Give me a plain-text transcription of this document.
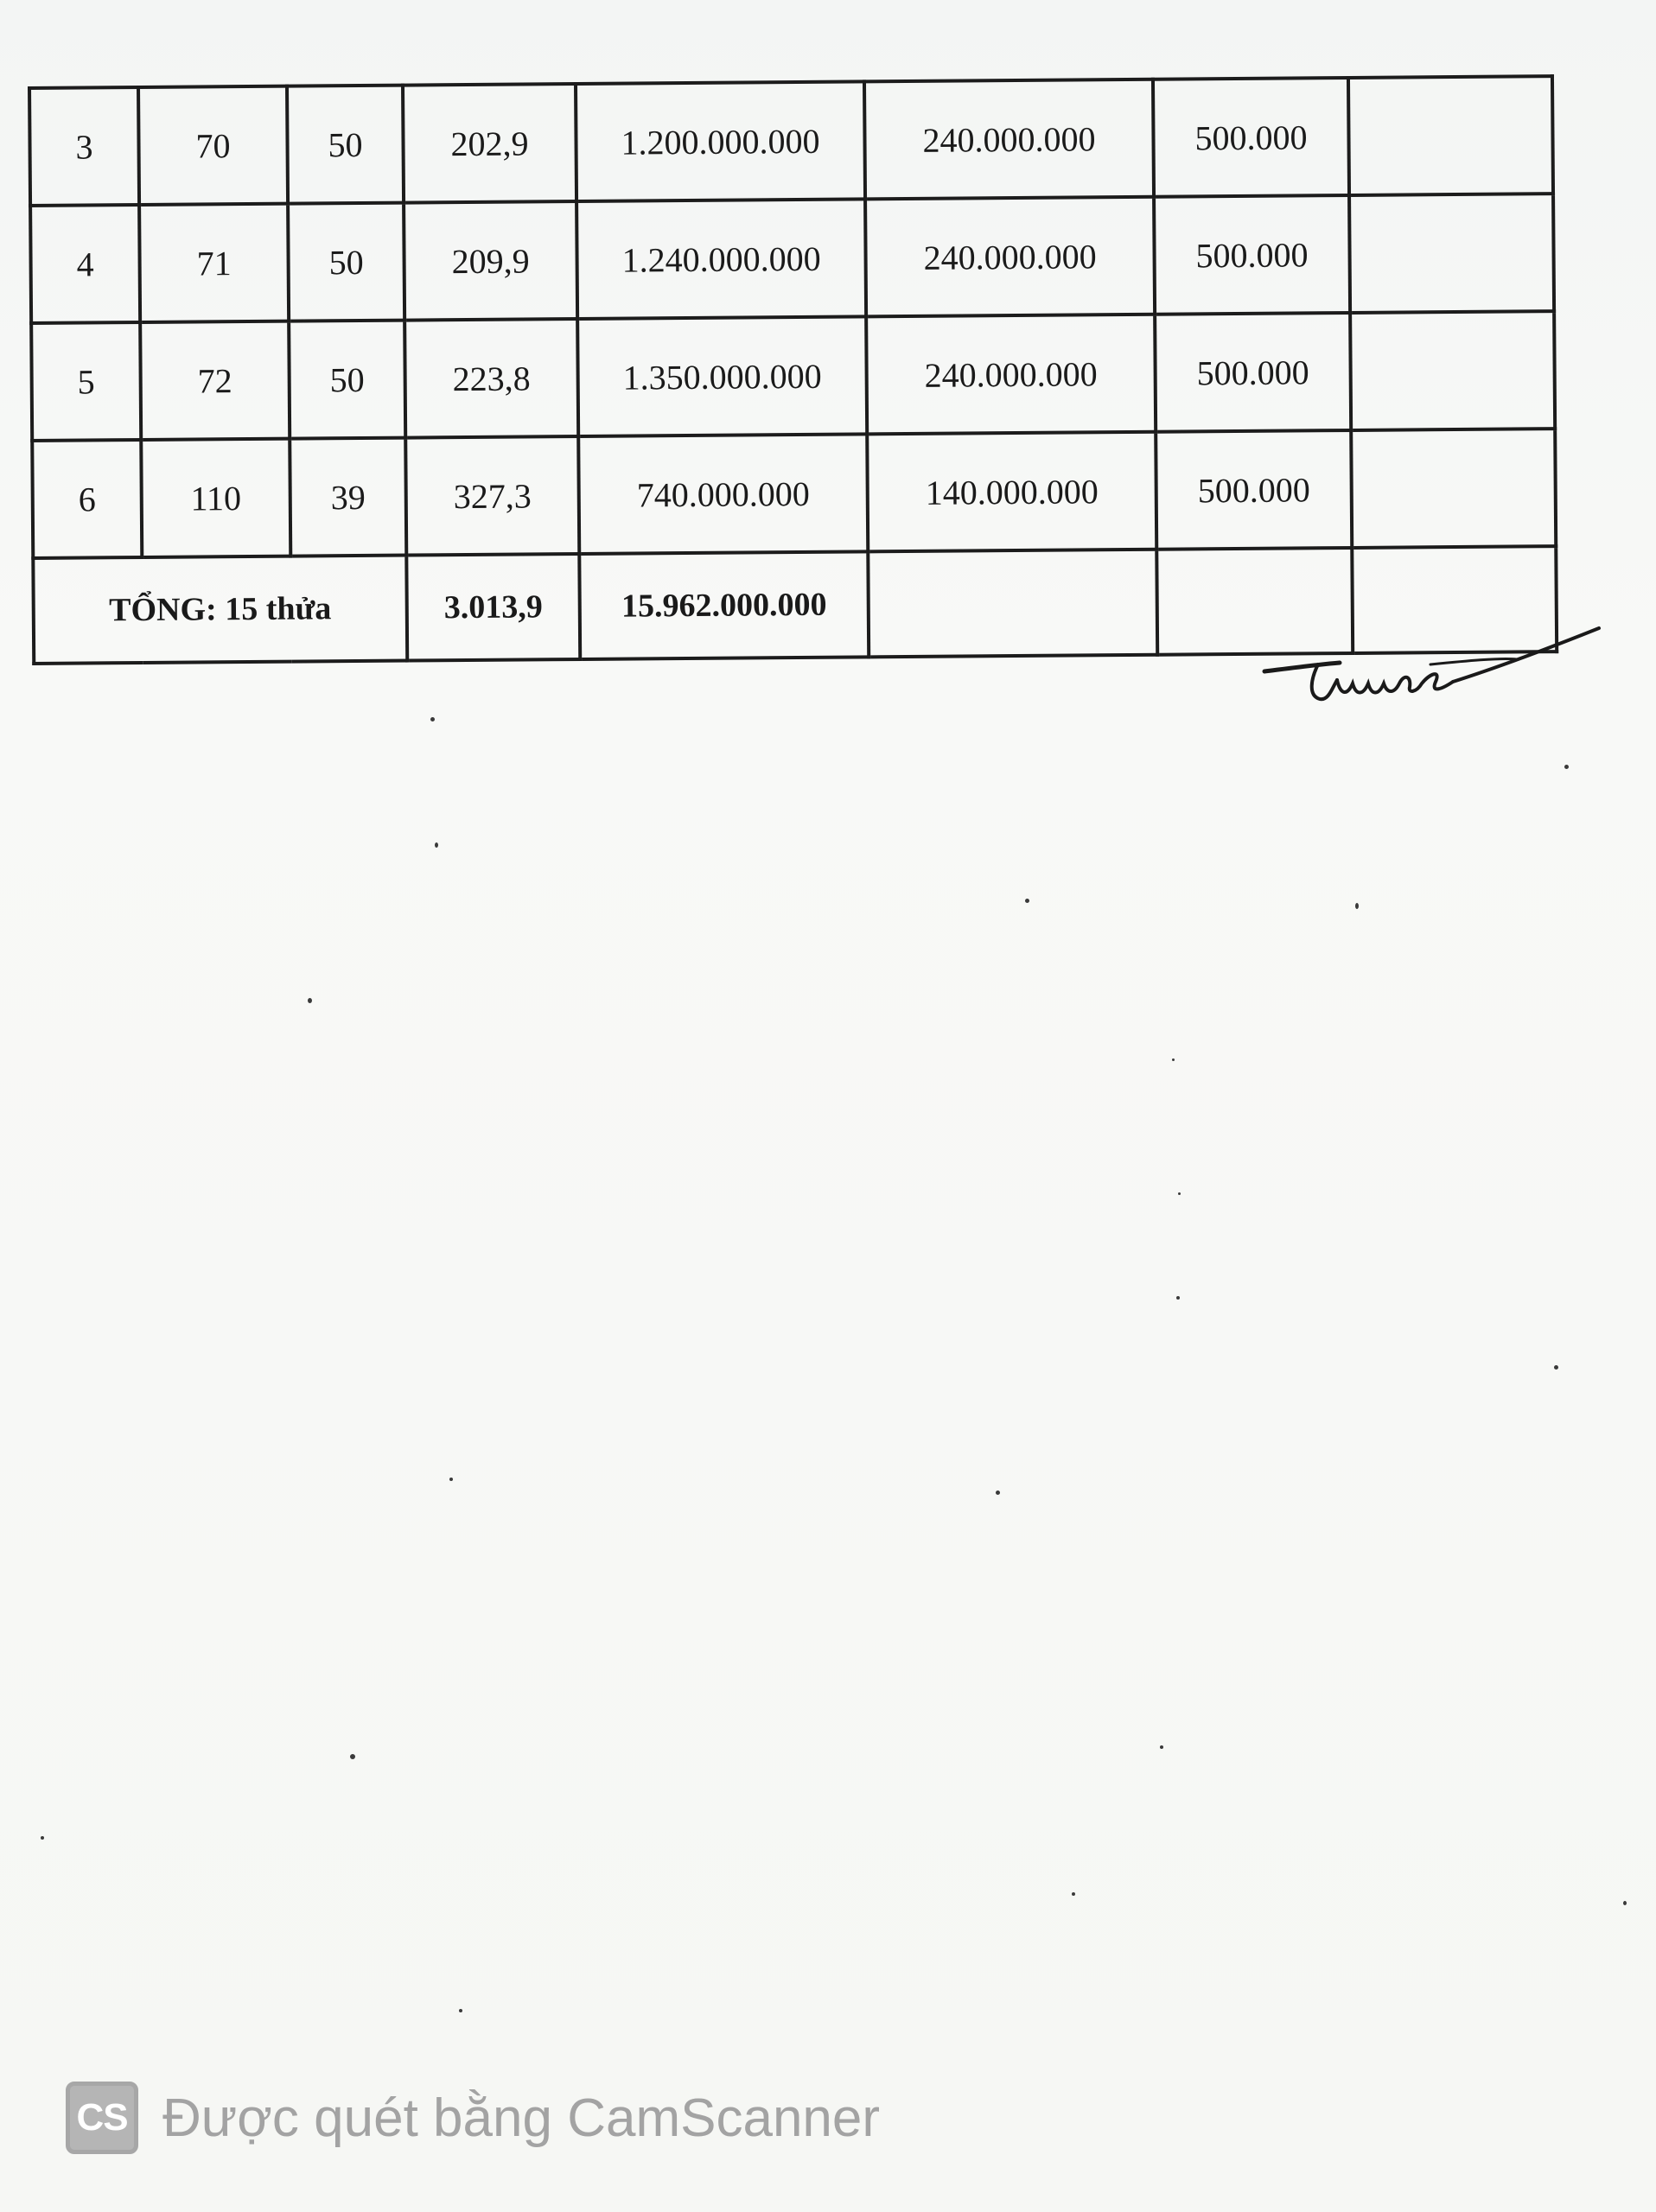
3	70	50	202,9	1.200.000.000	240.000.000	500.000	
4	71	50	209,9	1.240.000.000	240.000.000	500.000	
5	72	50	223,8	1.350.000.000	240.000.000	500.000	
6	110	39	327,3	740.000.000	140.000.000	500.000	
TỔNG: 15 thửa			3.013,9	15.962.000.000			
CS Được quét bằng CamScanner
